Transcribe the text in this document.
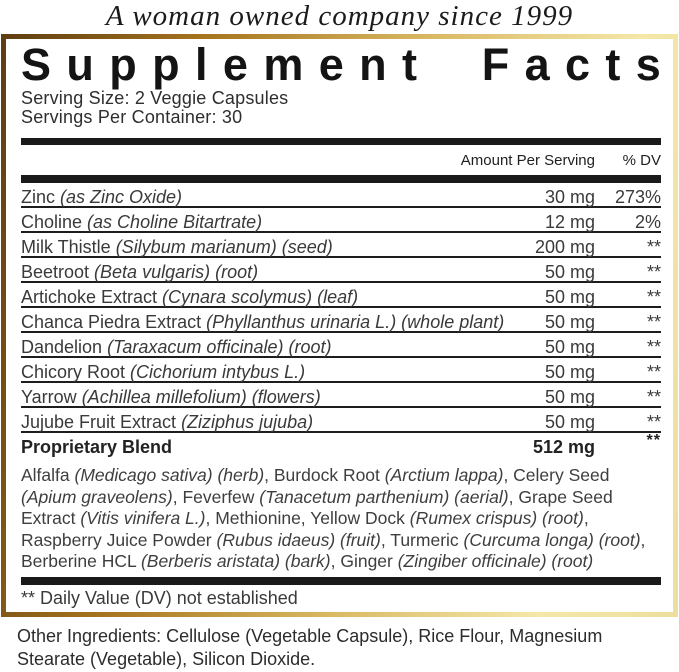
A woman owned company since 1999
S u p p l e m e n t F a c t s
Serving Size: 2 Veggie Capsules
Servings Per Container: 30
Amount Per Serving	% DV
Zinc (as Zinc Oxide)	30 mg	273%
Choline (as Choline Bitartrate)	12 mg	2%
Milk Thistle (Silybum marianum) (seed)	200 mg	**
Beetroot (Beta vulgaris) (root)	50 mg	**
Artichoke Extract (Cynara scolymus) (leaf)	50 mg	**
Chanca Piedra Extract (Phyllanthus urinaria L.) (whole plant) 50 mg	**
Dandelion (Taraxacum officinale) (root)	50 mg	**
Chicory Root (Cichorium intybus L.)	50 mg	**
Yarrow (Achillea millefolium) (flowers)	50 mg	**
Jujube Fruit Extract (Ziziphus jujuba)	50 mg	**
Proprietary Blend	512 mg	**
Alfalfa (Medicago sativa) (herb), Burdock Root (Arctium lappa), Celery Seed (Apium graveolens), Feverfew (Tanacetum parthenium) (aerial), Grape Seed Extract (Vitis vinifera L.), Methionine, Yellow Dock (Rumex crispus) (root), Raspberry Juice Powder (Rubus idaeus) (fruit), Turmeric (Curcuma longa) (root), Berberine HCL (Berberis aristata) (bark), Ginger (Zingiber officinale) (root)
** Daily Value (DV) not established
Other Ingredients: Cellulose (Vegetable Capsule), Rice Flour, Magnesium Stearate (Vegetable), Silicon Dioxide.
